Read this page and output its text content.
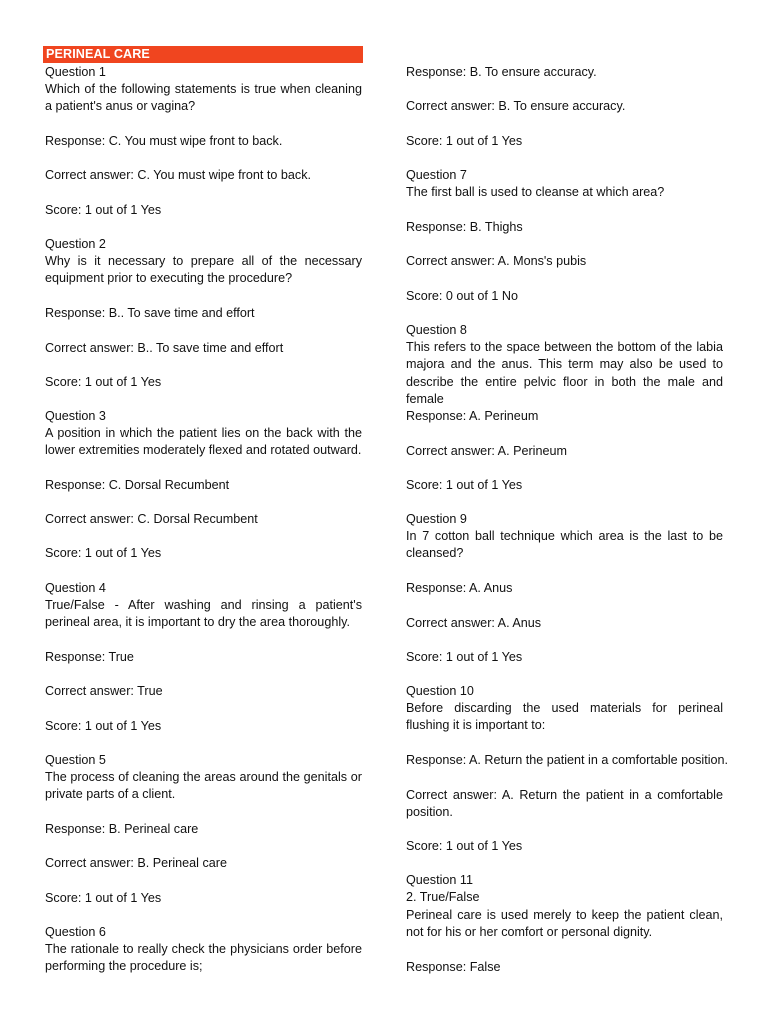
PERINEAL CARE
Question 1
Which of the following statements is true when cleaning a patient's anus or vagina?
Response: C. You must wipe front to back.
Correct answer: C. You must wipe front to back.
Score: 1 out of 1 Yes
Question 2
Why is it necessary to prepare all of the necessary equipment prior to executing the procedure?
Response: B.. To save time and effort
Correct answer: B.. To save time and effort
Score: 1 out of 1 Yes
Question 3
A position in which the patient lies on the back with the lower extremities moderately flexed and rotated outward.
Response: C. Dorsal Recumbent
Correct answer: C. Dorsal Recumbent
Score: 1 out of 1 Yes
Question 4
True/False - After washing and rinsing a patient's perineal area, it is important to dry the area thoroughly.
Response: True
Correct answer: True
Score: 1 out of 1 Yes
Question 5
The process of cleaning the areas around the genitals or private parts of a client.
Response: B. Perineal care
Correct answer: B. Perineal care
Score: 1 out of 1 Yes
Question 6
The rationale to really check the physicians order before performing the procedure is;
Response: B. To ensure accuracy.
Correct answer: B. To ensure accuracy.
Score: 1 out of 1 Yes
Question 7
The first ball is used to cleanse at which area?
Response: B. Thighs
Correct answer: A. Mons's pubis
Score: 0 out of 1 No
Question 8
This refers to the space between the bottom of the labia majora and the anus. This term may also be used to describe the entire pelvic floor in both the male and female
Response: A. Perineum
Correct answer: A. Perineum
Score: 1 out of 1 Yes
Question 9
In 7 cotton ball technique which area is the last to be cleansed?
Response: A. Anus
Correct answer: A. Anus
Score: 1 out of 1 Yes
Question 10
Before discarding the used materials for perineal flushing it is important to:
Response: A. Return the patient in a comfortable position.
Correct answer: A. Return the patient in a comfortable position.
Score: 1 out of 1 Yes
Question 11
2. True/False
Perineal care is used merely to keep the patient clean, not for his or her comfort or personal dignity.
Response: False
